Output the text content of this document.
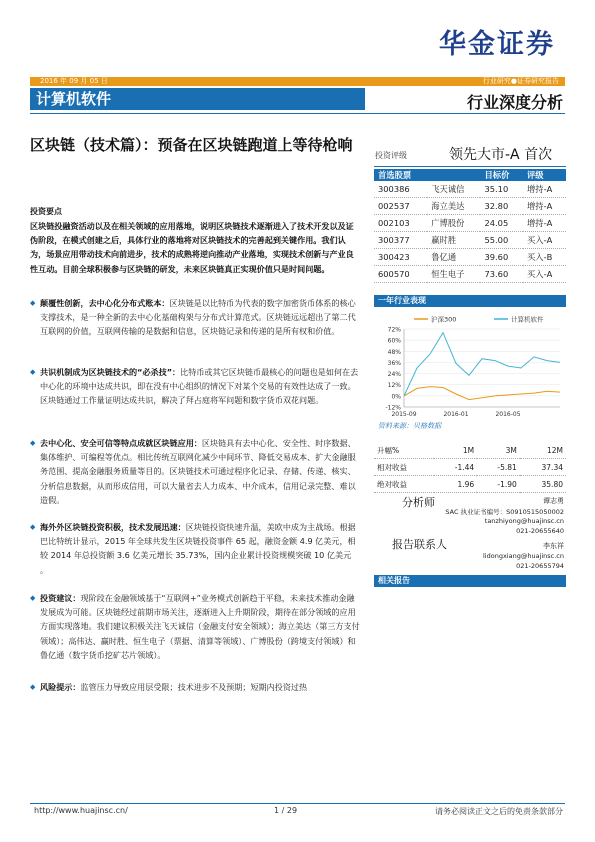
华金证券
2016 年 09 月 05 日	行业研究●证券研究报告
计算机软件	行业深度分析
区块链（技术篇）：预备在区块链跑道上等待枪响
投资评级	领先大市-A 首次
首选股票		目标价	评级
300386	飞天诚信	35.10	增持-A
002537	海立美达	32.80	增持-A
002103	广博股份	24.05	增持-A
300377	赢时胜	55.00	买入-A
300423	鲁亿通	39.60	买入-B
600570	恒生电子	73.60	买入-A
一年行业表现
72%
60%
48%
36%
24%
12%
0%
-12%
2015-09	2016-01	2016-05
沪深300	计算机软件
资料来源：贝格数据
升幅%	1M	3M	12M
相对收益	-1.44	-5.81	37.34
绝对收益	1.96	-1.90	35.80
分析师	谭志勇
SAC 执业证书编号：S0910515050002
tanzhiyong@huajinsc.cn
021-20655640
报告联系人	李东祥
lidongxiang@huajinsc.cn
021-20655794
相关报告
投资要点
区块链投融资活动以及在相关领域的应用落地，说明区块链技术逐渐进入了技术开发以及证伪阶段，在模式创建之后，具体行业的落地将对区块链技术的完善起到关键作用。我们认为，场景应用带动技术向前进步，技术的成熟将逆向推动产业落地，实现技术创新与产业良性互动。目前全球积极参与区块链的研发，未来区块链真正实现价值只是时间问题。
◆ 颠覆性创新，去中心化分布式账本：区块链是以比特币为代表的数字加密货币体系的核心支撑技术，是一种全新的去中心化基础构架与分布式计算范式。区块链远远超出了第二代互联网的价值，互联网传输的是数据和信息，区块链记录和传递的是所有权和价值。
◆ 共识机制成为区块链技术的“必杀技”：比特币或其它区块链币最核心的问题也是如何在去中心化的环境中达成共识，即在没有中心组织的情况下对某个交易的有效性达成了一致。区块链通过工作量证明达成共识，解决了拜占庭将军问题和数字货币双花问题。
◆ 去中心化、安全可信等特点成就区块链应用：区块链具有去中心化、安全性、时序数据、集体维护、可编程等优点。相比传统互联网化减少中间环节、降低交易成本、扩大金融服务范围、提高金融服务质量等目的。区块链技术可通过程序化记录、存储、传递、核实、分析信息数据，从而形成信用，可以大量省去人力成本、中介成本，信用记录完整、难以造假。
◆ 海外外区块链投资积极，技术发展迅速：区块链投资快速升温，美欧中成为主战场。根据巴比特统计显示，2015 年全球共发生区块链投资事件 65 起，融资金额 4.9 亿美元，相较 2014 年总投资额 3.6 亿美元增长 35.73%，国内企业累计投资规模突破 10 亿美元 。
◆ 投资建议：现阶段在金融领域基于“互联网+”业务模式创新趋于平稳，未来技术推动金融发展成为可能。区块链经过前期市场关注，逐渐进入上升期阶段，期待在部分领域的应用方面实现落地。我们建议积极关注飞天诚信（金融支付安全领域）；海立美达（第三方支付领域）；高伟达、赢时胜、恒生电子（票据、清算等领域）、广博股份（跨境支付领域）和鲁亿通（数字货币挖矿芯片领域）。
◆ 风险提示：监管压力导致应用层受限；技术进步不及预期；短期内投资过热
http://www.huajinsc.cn/	1 / 29	请务必阅读正文之后的免责条款部分
